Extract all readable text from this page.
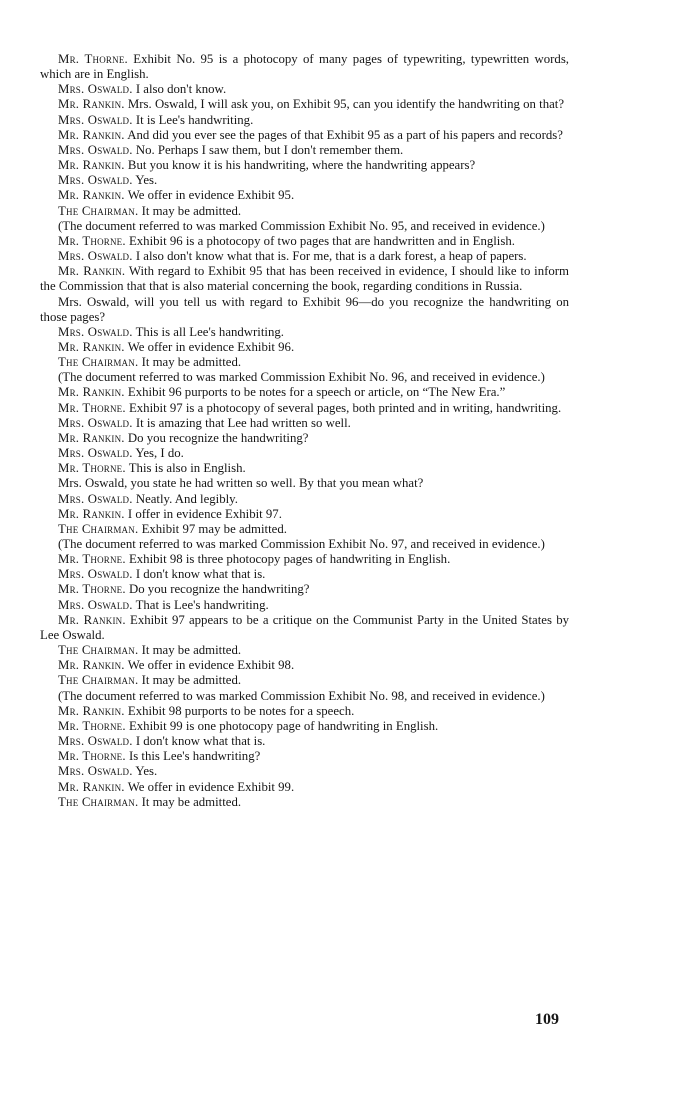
Mr. Thorne. Exhibit No. 95 is a photocopy of many pages of typewriting, typewritten words, which are in English.

Mrs. Oswald. I also don't know.

Mr. Rankin. Mrs. Oswald, I will ask you, on Exhibit 95, can you identify the handwriting on that?

Mrs. Oswald. It is Lee's handwriting.

Mr. Rankin. And did you ever see the pages of that Exhibit 95 as a part of his papers and records?

Mrs. Oswald. No. Perhaps I saw them, but I don't remember them.

Mr. Rankin. But you know it is his handwriting, where the handwriting appears?

Mrs. Oswald. Yes.

Mr. Rankin. We offer in evidence Exhibit 95.

The Chairman. It may be admitted.

(The document referred to was marked Commission Exhibit No. 95, and received in evidence.)

Mr. Thorne. Exhibit 96 is a photocopy of two pages that are handwritten and in English.

Mrs. Oswald. I also don't know what that is. For me, that is a dark forest, a heap of papers.

Mr. Rankin. With regard to Exhibit 95 that has been received in evidence, I should like to inform the Commission that that is also material concerning the book, regarding conditions in Russia.

Mrs. Oswald, will you tell us with regard to Exhibit 96—do you recognize the handwriting on those pages?

Mrs. Oswald. This is all Lee's handwriting.

Mr. Rankin. We offer in evidence Exhibit 96.

The Chairman. It may be admitted.

(The document referred to was marked Commission Exhibit No. 96, and received in evidence.)

Mr. Rankin. Exhibit 96 purports to be notes for a speech or article, on “The New Era.”

Mr. Thorne. Exhibit 97 is a photocopy of several pages, both printed and in writing, handwriting.

Mrs. Oswald. It is amazing that Lee had written so well.

Mr. Rankin. Do you recognize the handwriting?

Mrs. Oswald. Yes, I do.

Mr. Thorne. This is also in English.

Mrs. Oswald, you state he had written so well. By that you mean what?

Mrs. Oswald. Neatly. And legibly.

Mr. Rankin. I offer in evidence Exhibit 97.

The Chairman. Exhibit 97 may be admitted.

(The document referred to was marked Commission Exhibit No. 97, and received in evidence.)

Mr. Thorne. Exhibit 98 is three photocopy pages of handwriting in English.

Mrs. Oswald. I don't know what that is.

Mr. Thorne. Do you recognize the handwriting?

Mrs. Oswald. That is Lee's handwriting.

Mr. Rankin. Exhibit 97 appears to be a critique on the Communist Party in the United States by Lee Oswald.

The Chairman. It may be admitted.

Mr. Rankin. We offer in evidence Exhibit 98.

The Chairman. It may be admitted.

(The document referred to was marked Commission Exhibit No. 98, and received in evidence.)

Mr. Rankin. Exhibit 98 purports to be notes for a speech.

Mr. Thorne. Exhibit 99 is one photocopy page of handwriting in English.

Mrs. Oswald. I don't know what that is.

Mr. Thorne. Is this Lee's handwriting?

Mrs. Oswald. Yes.

Mr. Rankin. We offer in evidence Exhibit 99.

The Chairman. It may be admitted.

109
